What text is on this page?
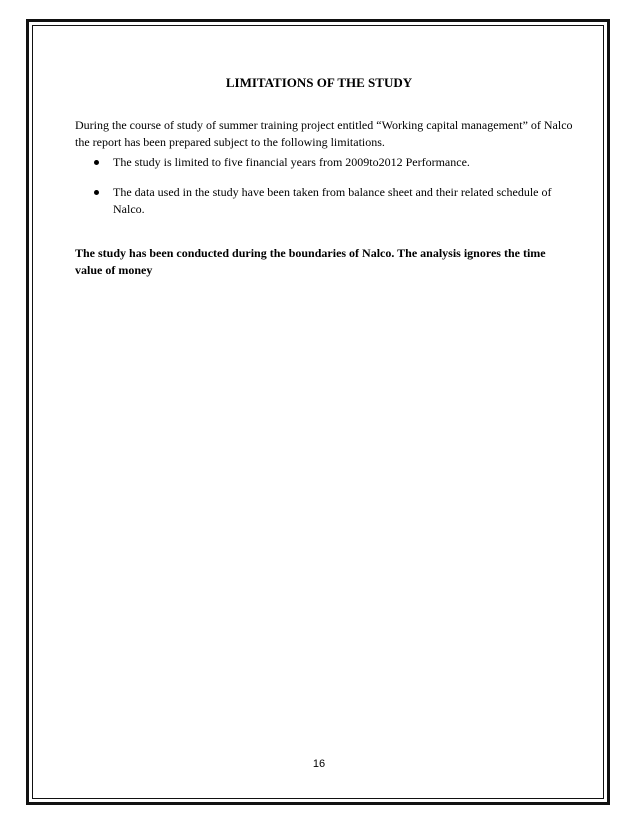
LIMITATIONS OF THE STUDY
During the course of study of summer training project entitled “Working capital management” of Nalco the report has been prepared subject to the following limitations.
The study is limited to five financial years from 2009to2012 Performance.
The data used in the study have been taken from balance sheet and their related schedule of Nalco.
The study has been conducted during the boundaries of Nalco. The analysis ignores the time value of money
16
